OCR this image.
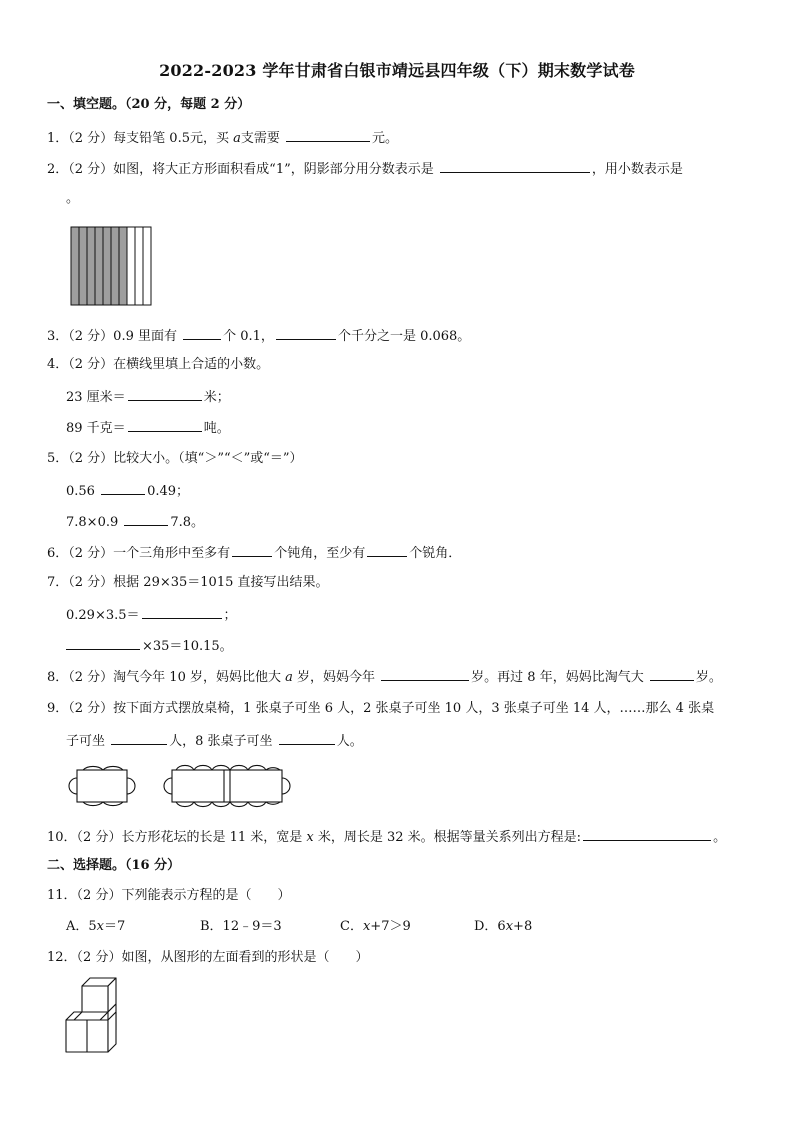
2022-2023 学年甘肃省白银市靖远县四年级（下）期末数学试卷
一、填空题。（20 分，每题 2 分）
1．（2 分）每支铅笔 0.5元，买 a支需要	元。
2．（2 分）如图，将大正方形面积看成“1”，阴影部分用分数表示是	，用小数表示是
。
3．（2 分）0.9 里面有	个 0.1，	个千分之一是 0.068。
4．（2 分）在横线里填上合适的小数。
23 厘米＝	米；
89 千克＝	吨。
5．（2 分）比较大小。（填“＞”“＜”或“＝”）
0.56	0.49；
7.8×0.9	7.8。
6．（2 分）一个三角形中至多有	个钝角，至少有	个锐角．
7．（2 分）根据 29×35＝1015 直接写出结果。
0.29×3.5＝	；
×35＝10.15。
8．（2 分）淘气今年 10 岁，妈妈比他大 a 岁，妈妈今年	岁。再过 8 年，妈妈比淘气大	岁。
9．（2 分）按下面方式摆放桌椅，1 张桌子可坐 6 人，2 张桌子可坐 10 人，3 张桌子可坐 14 人，……那么 4 张桌
子可坐	人，8 张桌子可坐	人。
10．（2 分）长方形花坛的长是 11 米，宽是 x 米，周长是 32 米。根据等量关系列出方程是:	。
二、选择题。（16 分）
11．（2 分）下列能表示方程的是（　　）
A．5x＝7	B．12﹣9＝3	C．x+7＞9	D．6x+8
12．（2 分）如图，从图形的左面看到的形状是（　　）
